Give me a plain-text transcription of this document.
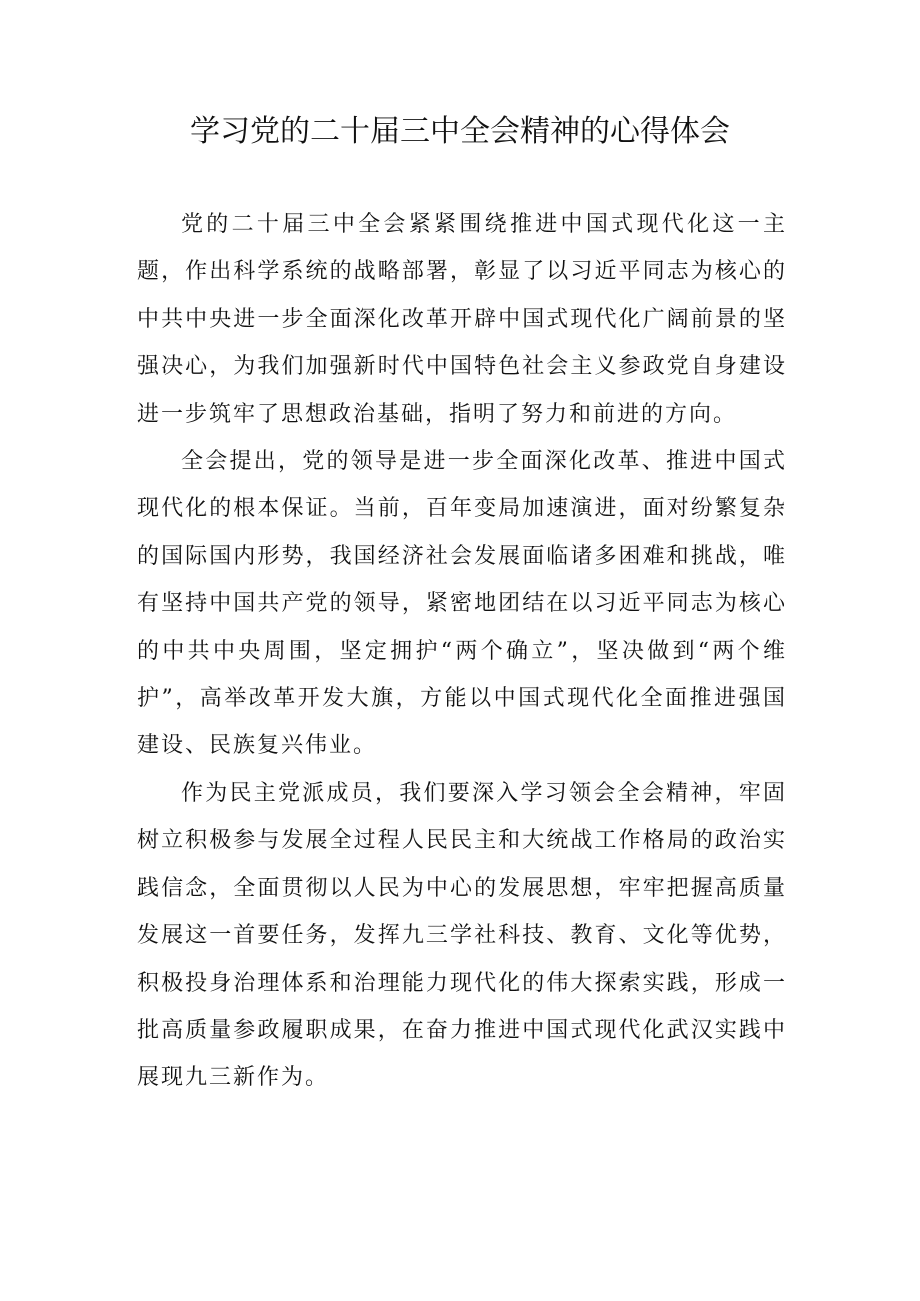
学习党的二十届三中全会精神的心得体会

党的二十届三中全会紧紧围绕推进中国式现代化这一主题，作出科学系统的战略部署，彰显了以习近平同志为核心的中共中央进一步全面深化改革开辟中国式现代化广阔前景的坚强决心，为我们加强新时代中国特色社会主义参政党自身建设进一步筑牢了思想政治基础，指明了努力和前进的方向。

全会提出，党的领导是进一步全面深化改革、推进中国式现代化的根本保证。当前，百年变局加速演进，面对纷繁复杂的国际国内形势，我国经济社会发展面临诸多困难和挑战，唯有坚持中国共产党的领导，紧密地团结在以习近平同志为核心的中共中央周围，坚定拥护“两个确立”，坚决做到“两个维护”，高举改革开发大旗，方能以中国式现代化全面推进强国建设、民族复兴伟业。

作为民主党派成员，我们要深入学习领会全会精神，牢固树立积极参与发展全过程人民民主和大统战工作格局的政治实践信念，全面贯彻以人民为中心的发展思想，牢牢把握高质量发展这一首要任务，发挥九三学社科技、教育、文化等优势，积极投身治理体系和治理能力现代化的伟大探索实践，形成一批高质量参政履职成果，在奋力推进中国式现代化武汉实践中展现九三新作为。
